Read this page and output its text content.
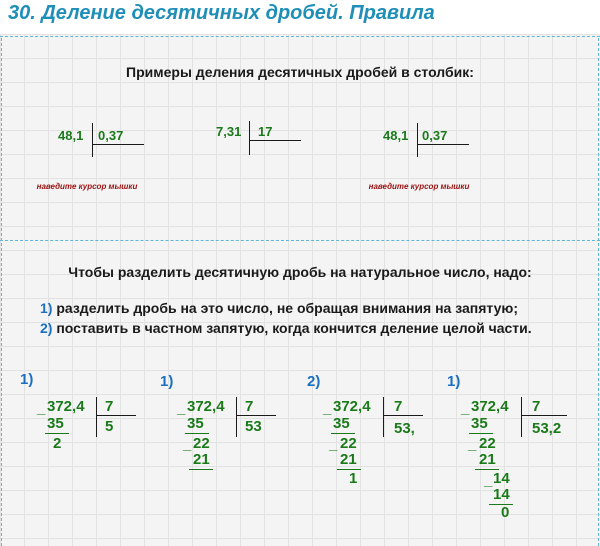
30. Деление десятичных дробей. Правила
Примеры деления десятичных дробей в столбик:
48,1 0,37
наведите курсор мышки
7,31 17	48,1 0,37
наведите курсор мышки
Чтобы разделить десятичную дробь на натуральное число, надо:
1) разделить дробь на это число, не обращая внимания на запятую;
2) поставить в частном запятую, когда кончится деление целой части.
1)
_ 372,4 7
5
35
2
1)
_ 372,4 7
53
35
_ 22
21
2)
_ 372,4 7
53,
35
_ 22
21
1
1)
_ 372,4 7
53,2
35
_ 22
21
_ 14
14
0
